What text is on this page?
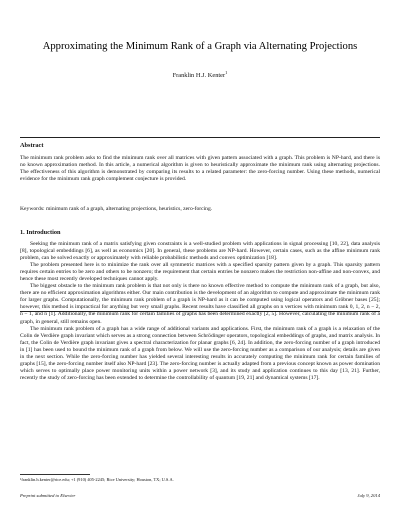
Approximating the Minimum Rank of a Graph via Alternating Projections
Franklin H.J. Kenter$^1$
Abstract
The minimum rank problem asks to find the minimum rank over all matrices with given pattern associated with a graph. This problem is NP-hard, and there is no known approximation method. In this article, a numerical algorithm is given to heuristically approximate the minimum rank using alternating projections. The effectiveness of this algorithm is demonstrated by comparing its results to a related parameter: the zero-forcing number. Using these methods, numerical evidence for the minimum rank graph complement conjecture is provided.
Keywords: minimum rank of a graph, alternating projections, heuristics, zero-forcing.
1. Introduction

Seeking the minimum rank of a matrix satisfying given constraints is a well-studied problem with applications in signal processing [10, 22], data analysis [8], topological embeddings [6], as well as economics [20]. In general, these problems are NP-hard. However, certain cases, such as the affine minimum rank problem, can be solved exactly or approximately with reliable probabilistic methods and convex optimization [18].

The problem presented here is to minimize the rank over all symmetric matrices with a specified sparsity pattern given by a graph. This sparsity pattern requires certain entries to be zero and others to be nonzero; the requirement that certain entries be nonzero makes the restriction non-affine and non-convex, and hence these most recently developed techniques cannot apply.

The biggest obstacle to the minimum rank problem is that not only is there no known effective method to compute the minimum rank of a graph, but also, there are no efficient approximation algorithms either. Our main contribution is the development of an algorithm to compute and approximate the minimum rank for larger graphs. Computationally, the minimum rank problem of a graph is NP-hard as it can be computed using logical operators and Gröbner bases [25]; however, this method is impractical for anything but very small graphs. Recent results have classified all graphs on n vertices with minimum rank 0, 1, 2, n − 2, n − 1, and n [1]. Additionally, the minimum rank for certain families of graphs has been determined exactly [2, 5]. However, calculating the minimum rank of a graph, in general, still remains open.

The minimum rank problem of a graph has a wide range of additional variants and applications. First, the minimum rank of a graph is a relaxation of the Colin de Verdière graph invariant which serves as a strong connection between Schrödinger operators, topological embeddings of graphs, and matrix analysis. In fact, the Colin de Verdière graph invariant gives a spectral characterization for planar graphs [6, 24]. In addition, the zero-forcing number of a graph introduced in [1] has been used to bound the minimum rank of a graph from below. We will use the zero-forcing number as a comparison of our analysis; details are given in the next section. While the zero-forcing number has yielded several interesting results in accurately computing the minimum rank for certain families of graphs [15], the zero-forcing number itself also NP-hard [23]. The zero-forcing number is actually adapted from a previous concept known as power domination which serves to optimally place power monitoring units within a power network [3], and its study and application continues to this day [13, 21]. Further, recently the study of zero-forcing has been extended to determine the controllability of quantum [19, 21] and dynamical systems [17].

¹franklin.h.kenter@rice.edu; +1 (910) 405-2245; Rice University; Houston, TX; U.S.A.
Preprint submitted to Elsevier	July 9, 2014
